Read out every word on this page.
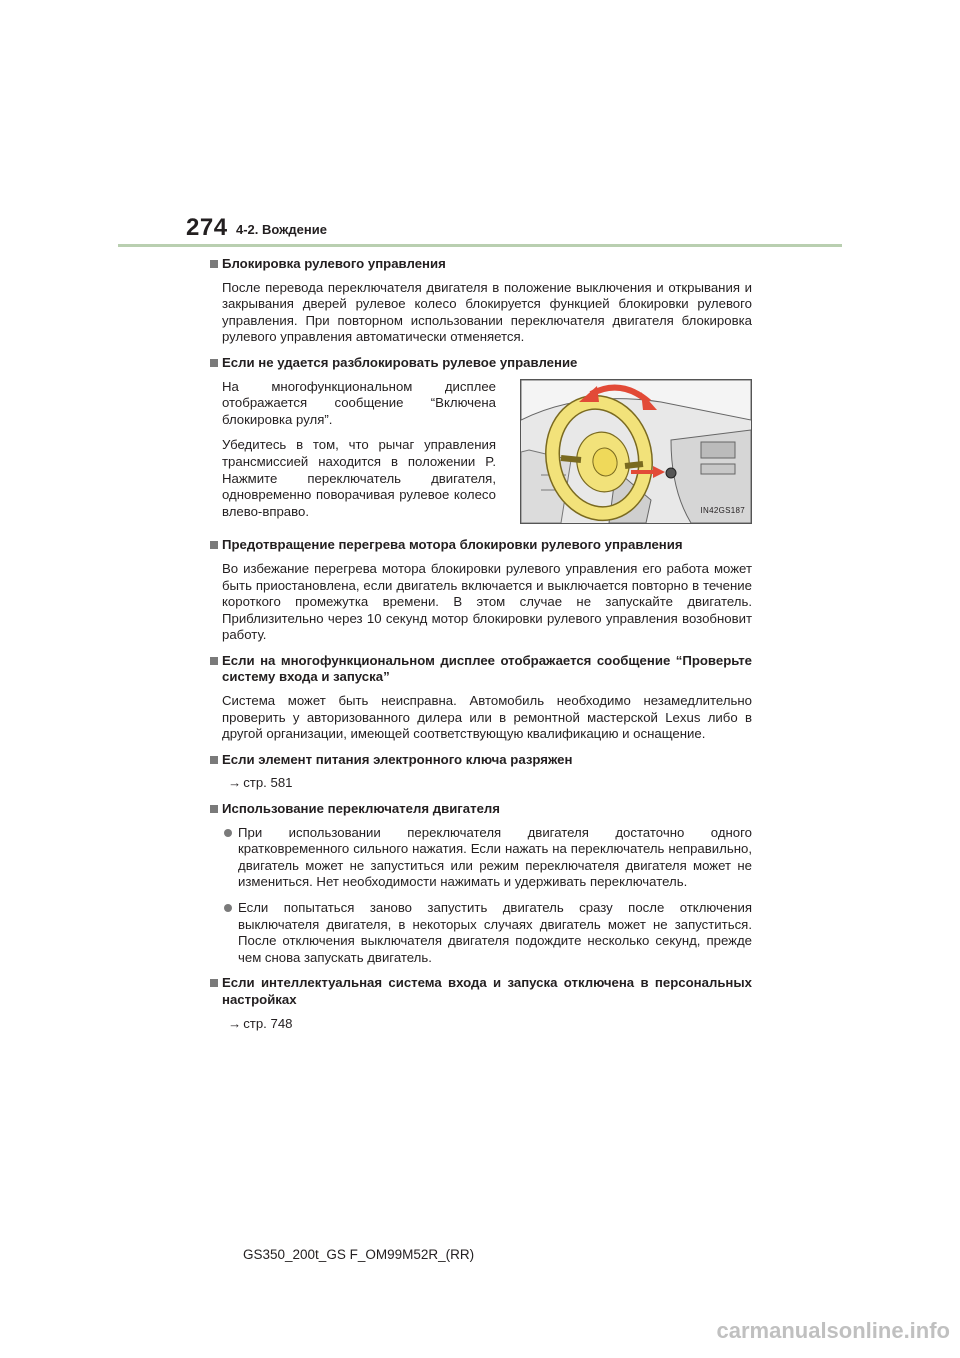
274 4-2. Вождение
Блокировка рулевого управления
После перевода переключателя двигателя в положение выключения и открывания и закрывания дверей рулевое колесо блокируется функцией блокировки рулевого управления. При повторном использовании переключателя двигателя блокировка рулевого управления автоматически отменяется.
Если не удается разблокировать рулевое управление
На многофункциональном дисплее отображается сообщение “Включена блокировка руля”.
Убедитесь в том, что рычаг управления трансмиссией находится в положении P. Нажмите переключатель двигателя, одновременно поворачивая рулевое колесо влево-вправо.	IN42GS187
Предотвращение перегрева мотора блокировки рулевого управления
Во избежание перегрева мотора блокировки рулевого управления его работа может быть приостановлена, если двигатель включается и выключается повторно в течение короткого промежутка времени. В этом случае не запускайте двигатель. Приблизительно через 10 секунд мотор блокировки рулевого управления возобновит работу.
Если на многофункциональном дисплее отображается сообщение “Проверьте систему входа и запуска”
Система может быть неисправна. Автомобиль необходимо незамедлительно проверить у авторизованного дилера или в ремонтной мастерской Lexus либо в другой организации, имеющей соответствующую квалификацию и оснащение.
Если элемент питания электронного ключа разряжен
→ стр. 581
Использование переключателя двигателя
При использовании переключателя двигателя достаточно одного кратковременного сильного нажатия. Если нажать на переключатель неправильно, двигатель может не запуститься или режим переключателя двигателя может не измениться. Нет необходимости нажимать и удерживать переключатель.
Если попытаться заново запустить двигатель сразу после отключения выключателя двигателя, в некоторых случаях двигатель может не запуститься. После отключения выключателя двигателя подождите несколько секунд, прежде чем снова запускать двигатель.
Если интеллектуальная система входа и запуска отключена в персональных настройках
→ стр. 748
GS350_200t_GS F_OM99M52R_(RR)
carmanualsonline.info
